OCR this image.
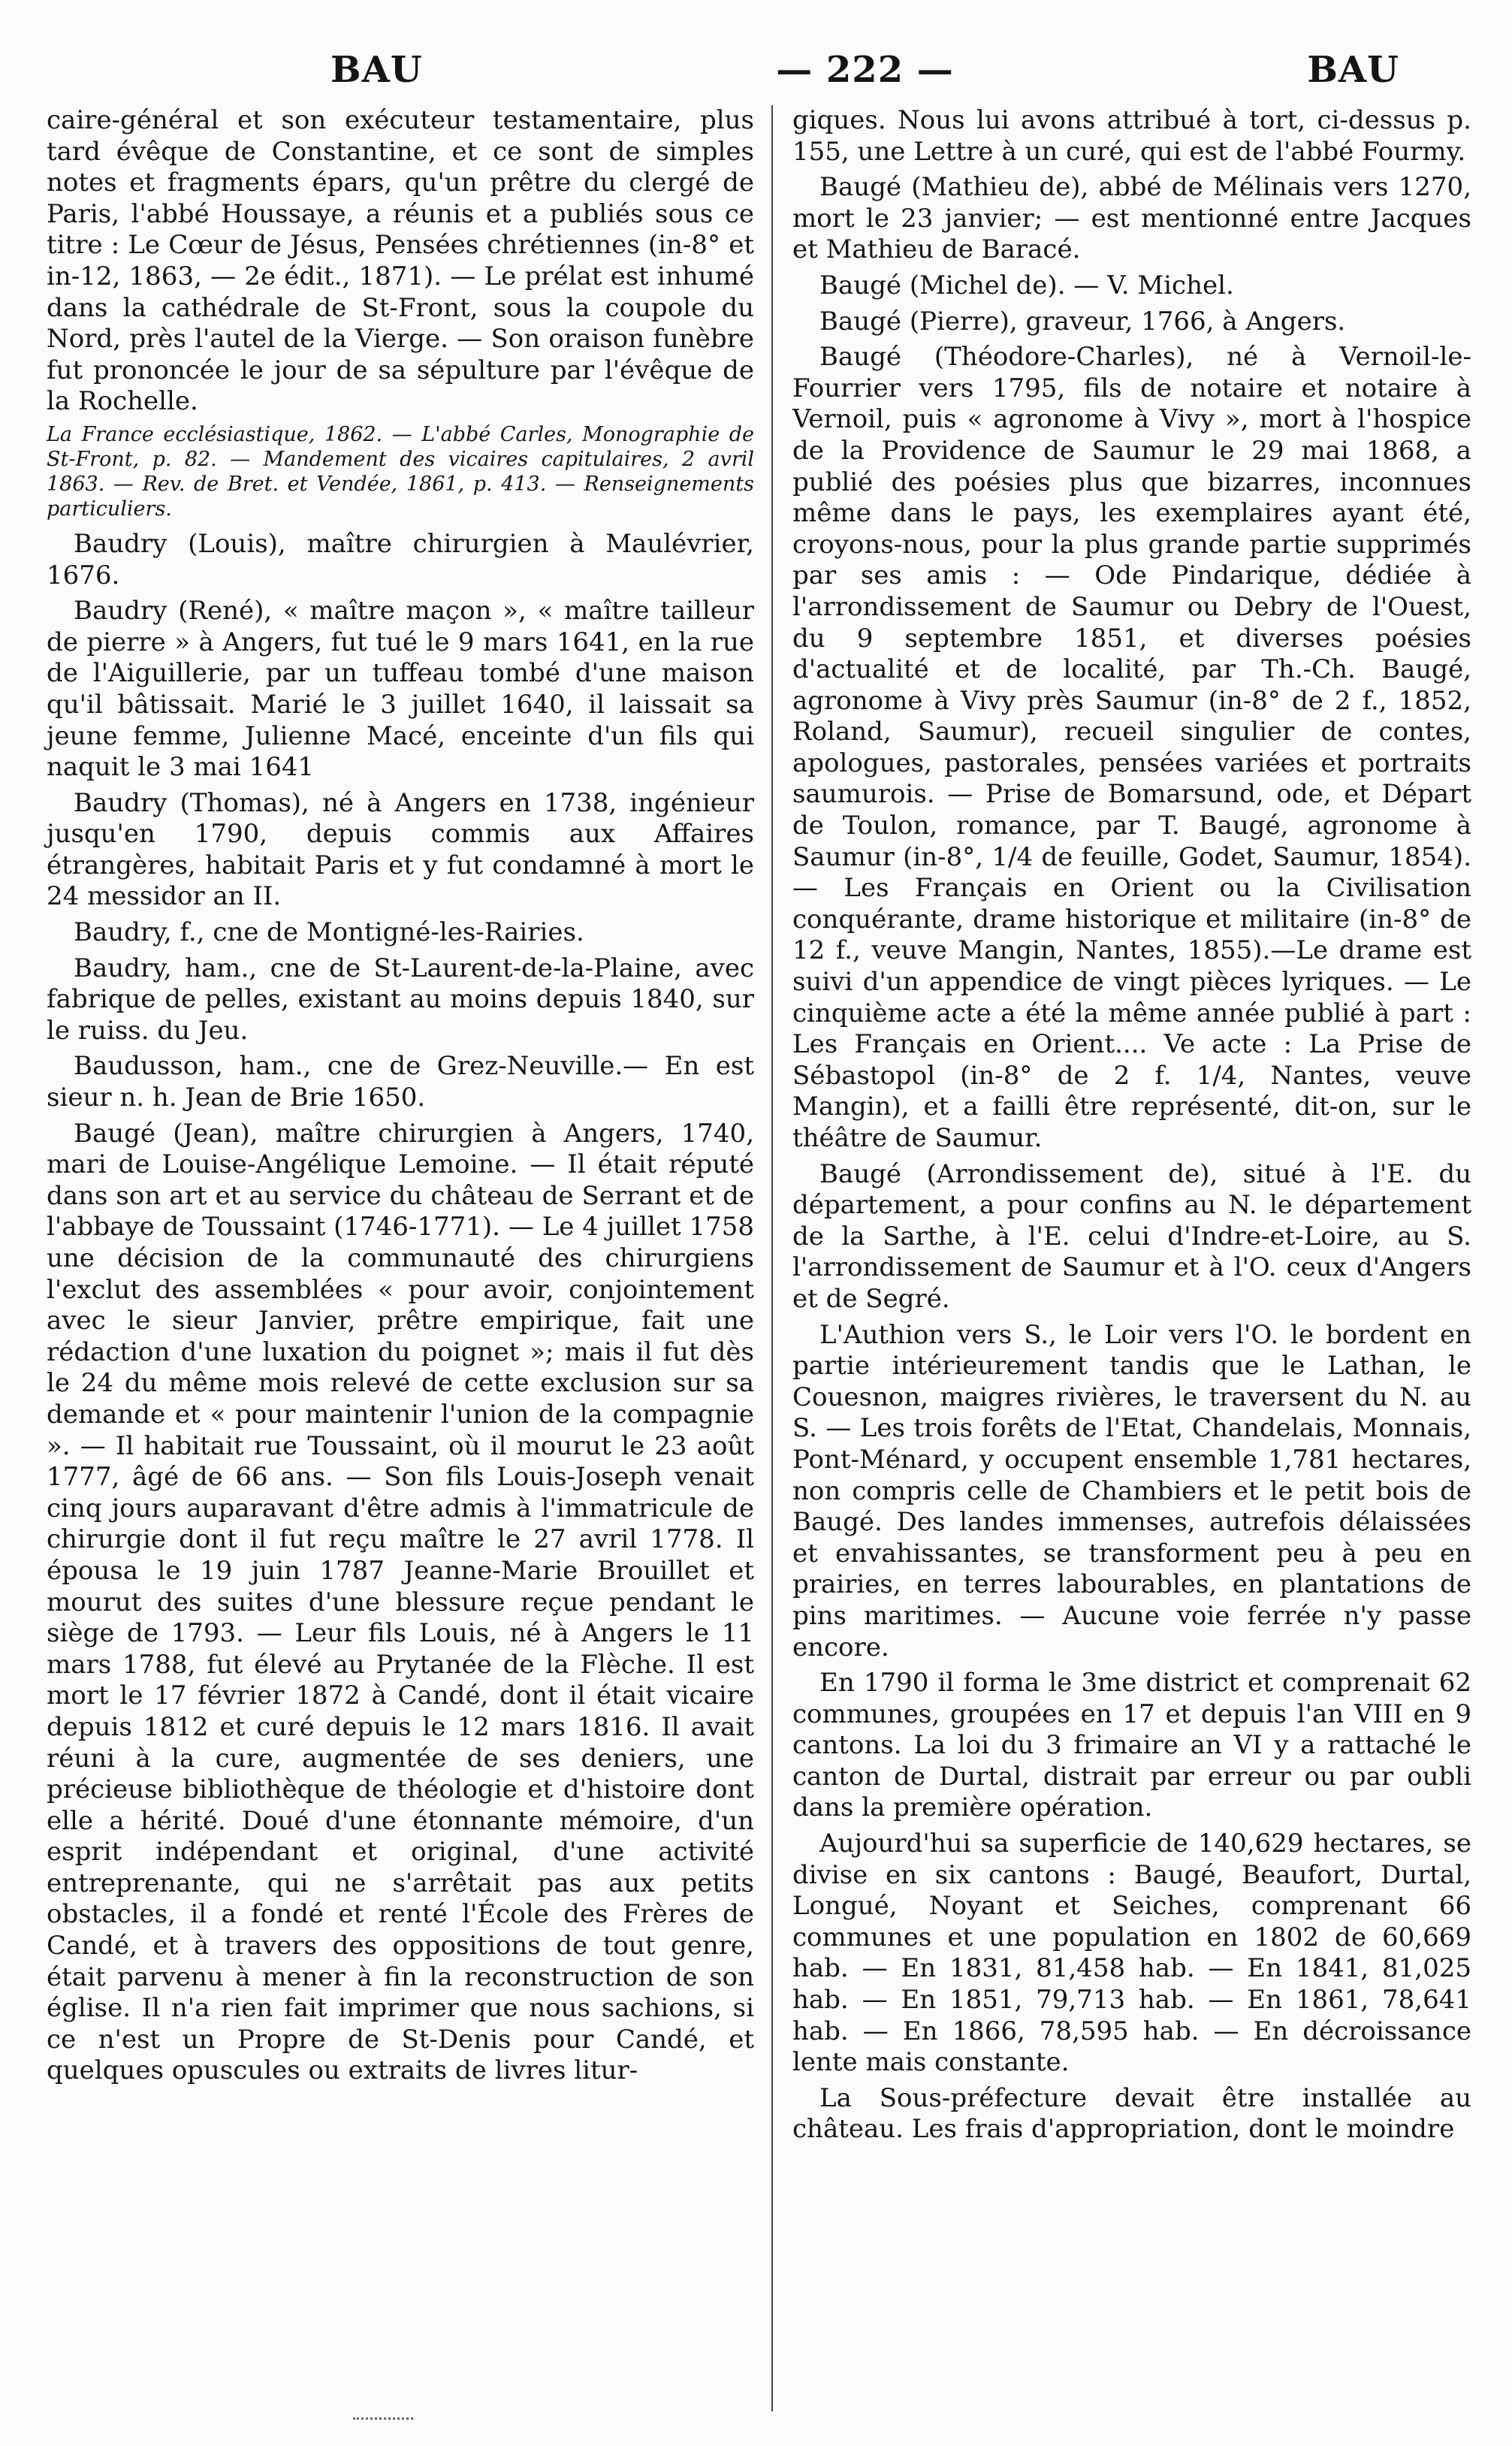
BAU	— 222 —	BAU

caire-général et son exécuteur testamentaire, plus tard évêque de Constantine, et ce sont de simples notes et fragments épars, qu'un prêtre du clergé de Paris, l'abbé Houssaye, a réunis et a publiés sous ce titre : Le Cœur de Jésus, Pensées chrétiennes (in-8° et in-12, 1863, — 2e édit., 1871). — Le prélat est inhumé dans la cathédrale de St-Front, sous la coupole du Nord, près l'autel de la Vierge. — Son oraison funèbre fut prononcée le jour de sa sépulture par l'évêque de la Rochelle.

La France ecclésiastique, 1862. — L'abbé Carles, Monographie de St-Front, p. 82. — Mandement des vicaires capitulaires, 2 avril 1863. — Rev. de Bret. et Vendée, 1861, p. 413. — Renseignements particuliers.

Baudry (Louis), maître chirurgien à Maulévrier, 1676.

Baudry (René), « maître maçon », « maître tailleur de pierre » à Angers, fut tué le 9 mars 1641, en la rue de l'Aiguillerie, par un tuffeau tombé d'une maison qu'il bâtissait. Marié le 3 juillet 1640, il laissait sa jeune femme, Julienne Macé, enceinte d'un fils qui naquit le 3 mai 1641

Baudry (Thomas), né à Angers en 1738, ingénieur jusqu'en 1790, depuis commis aux Affaires étrangères, habitait Paris et y fut condamné à mort le 24 messidor an II.

Baudry, f., cne de Montigné-les-Rairies.

Baudry, ham., cne de St-Laurent-de-la-Plaine, avec fabrique de pelles, existant au moins depuis 1840, sur le ruiss. du Jeu.

Baudusson, ham., cne de Grez-Neuville.— En est sieur n. h. Jean de Brie 1650.

Baugé (Jean), maître chirurgien à Angers, 1740, mari de Louise-Angélique Lemoine. — Il était réputé dans son art et au service du château de Serrant et de l'abbaye de Toussaint (1746-1771). — Le 4 juillet 1758 une décision de la communauté des chirurgiens l'exclut des assemblées « pour avoir, conjointement avec le sieur Janvier, prêtre empirique, fait une rédaction d'une luxation du poignet »; mais il fut dès le 24 du même mois relevé de cette exclusion sur sa demande et « pour maintenir l'union de la compagnie ». — Il habitait rue Toussaint, où il mourut le 23 août 1777, âgé de 66 ans. — Son fils Louis-Joseph venait cinq jours auparavant d'être admis à l'immatricule de chirurgie dont il fut reçu maître le 27 avril 1778. Il épousa le 19 juin 1787 Jeanne-Marie Brouillet et mourut des suites d'une blessure reçue pendant le siège de 1793. — Leur fils Louis, né à Angers le 11 mars 1788, fut élevé au Prytanée de la Flèche. Il est mort le 17 février 1872 à Candé, dont il était vicaire depuis 1812 et curé depuis le 12 mars 1816. Il avait réuni à la cure, augmentée de ses deniers, une précieuse bibliothèque de théologie et d'histoire dont elle a hérité. Doué d'une étonnante mémoire, d'un esprit indépendant et original, d'une activité entreprenante, qui ne s'arrêtait pas aux petits obstacles, il a fondé et renté l'École des Frères de Candé, et à travers des oppositions de tout genre, était parvenu à mener à fin la reconstruction de son église. Il n'a rien fait imprimer que nous sachions, si ce n'est un Propre de St-Denis pour Candé, et quelques opuscules ou extraits de livres litur-

giques. Nous lui avons attribué à tort, ci-dessus p. 155, une Lettre à un curé, qui est de l'abbé Fourmy.

Baugé (Mathieu de), abbé de Mélinais vers 1270, mort le 23 janvier; — est mentionné entre Jacques et Mathieu de Baracé.

Baugé (Michel de). — V. Michel.

Baugé (Pierre), graveur, 1766, à Angers.

Baugé (Théodore-Charles), né à Vernoil-le-Fourrier vers 1795, fils de notaire et notaire à Vernoil, puis « agronome à Vivy », mort à l'hospice de la Providence de Saumur le 29 mai 1868, a publié des poésies plus que bizarres, inconnues même dans le pays, les exemplaires ayant été, croyons-nous, pour la plus grande partie supprimés par ses amis : — Ode Pindarique, dédiée à l'arrondissement de Saumur ou Debry de l'Ouest, du 9 septembre 1851, et diverses poésies d'actualité et de localité, par Th.-Ch. Baugé, agronome à Vivy près Saumur (in-8° de 2 f., 1852, Roland, Saumur), recueil singulier de contes, apologues, pastorales, pensées variées et portraits saumurois. — Prise de Bomarsund, ode, et Départ de Toulon, romance, par T. Baugé, agronome à Saumur (in-8°, 1/4 de feuille, Godet, Saumur, 1854). — Les Français en Orient ou la Civilisation conquérante, drame historique et militaire (in-8° de 12 f., veuve Mangin, Nantes, 1855).—Le drame est suivi d'un appendice de vingt pièces lyriques. — Le cinquième acte a été la même année publié à part : Les Français en Orient.... Ve acte : La Prise de Sébastopol (in-8° de 2 f. 1/4, Nantes, veuve Mangin), et a failli être représenté, dit-on, sur le théâtre de Saumur.

Baugé (Arrondissement de), situé à l'E. du département, a pour confins au N. le département de la Sarthe, à l'E. celui d'Indre-et-Loire, au S. l'arrondissement de Saumur et à l'O. ceux d'Angers et de Segré.

L'Authion vers S., le Loir vers l'O. le bordent en partie intérieurement tandis que le Lathan, le Couesnon, maigres rivières, le traversent du N. au S. — Les trois forêts de l'Etat, Chandelais, Monnais, Pont-Ménard, y occupent ensemble 1,781 hectares, non compris celle de Chambiers et le petit bois de Baugé. Des landes immenses, autrefois délaissées et envahissantes, se transforment peu à peu en prairies, en terres labourables, en plantations de pins maritimes. — Aucune voie ferrée n'y passe encore.

En 1790 il forma le 3me district et comprenait 62 communes, groupées en 17 et depuis l'an VIII en 9 cantons. La loi du 3 frimaire an VI y a rattaché le canton de Durtal, distrait par erreur ou par oubli dans la première opération.

Aujourd'hui sa superficie de 140,629 hectares, se divise en six cantons : Baugé, Beaufort, Durtal, Longué, Noyant et Seiches, comprenant 66 communes et une population en 1802 de 60,669 hab. — En 1831, 81,458 hab. — En 1841, 81,025 hab. — En 1851, 79,713 hab. — En 1861, 78,641 hab. — En 1866, 78,595 hab. — En décroissance lente mais constante.

La Sous-préfecture devait être installée au château. Les frais d'appropriation, dont le moindre
